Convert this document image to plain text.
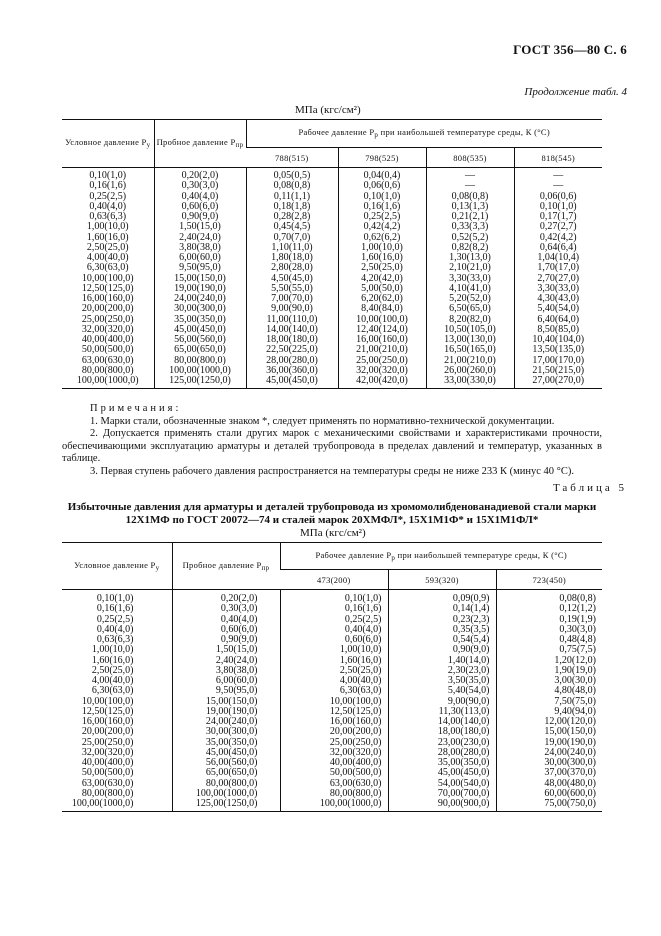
ГОСТ 356—80 С. 6
Продолжение табл. 4
МПа (кгс/см²)
Условное давление $P_у$	Пробное давление $P_{пр}$	Рабочее давление $P_р$ при наибольшей температуре среды, К (°C)			
		788(515)	798(525)	808(535)	818(545)
0,10(1,0)	0,20(2,0)	0,05(0,5)	0,04(0,4)	—	—
0,16(1,6)	0,30(3,0)	0,08(0,8)	0,06(0,6)	—	—
0,25(2,5)	0,40(4,0)	0,11(1,1)	0,10(1,0)	0,08(0,8)	0,06(0,6)
0,40(4,0)	0,60(6,0)	0,18(1,8)	0,16(1,6)	0,13(1,3)	0,10(1,0)
0,63(6,3)	0,90(9,0)	0,28(2,8)	0,25(2,5)	0,21(2,1)	0,17(1,7)
1,00(10,0)	1,50(15,0)	0,45(4,5)	0,42(4,2)	0,33(3,3)	0,27(2,7)
1,60(16,0)	2,40(24,0)	0,70(7,0)	0,62(6,2)	0,52(5,2)	0,42(4,2)
2,50(25,0)	3,80(38,0)	1,10(11,0)	1,00(10,0)	0,82(8,2)	0,64(6,4)
4,00(40,0)	6,00(60,0)	1,80(18,0)	1,60(16,0)	1,30(13,0)	1,04(10,4)
6,30(63,0)	9,50(95,0)	2,80(28,0)	2,50(25,0)	2,10(21,0)	1,70(17,0)
10,00(100,0)	15,00(150,0)	4,50(45,0)	4,20(42,0)	3,30(33,0)	2,70(27,0)
12,50(125,0)	19,00(190,0)	5,50(55,0)	5,00(50,0)	4,10(41,0)	3,30(33,0)
16,00(160,0)	24,00(240,0)	7,00(70,0)	6,20(62,0)	5,20(52,0)	4,30(43,0)
20,00(200,0)	30,00(300,0)	9,00(90,0)	8,40(84,0)	6,50(65,0)	5,40(54,0)
25,00(250,0)	35,00(350,0)	11,00(110,0)	10,00(100,0)	8,20(82,0)	6,40(64,0)
32,00(320,0)	45,00(450,0)	14,00(140,0)	12,40(124,0)	10,50(105,0)	8,50(85,0)
40,00(400,0)	56,00(560,0)	18,00(180,0)	16,00(160,0)	13,00(130,0)	10,40(104,0)
50,00(500,0)	65,00(650,0)	22,50(225,0)	21,00(210,0)	16,50(165,0)	13,50(135,0)
63,00(630,0)	80,00(800,0)	28,00(280,0)	25,00(250,0)	21,00(210,0)	17,00(170,0)
80,00(800,0)	100,00(1000,0)	36,00(360,0)	32,00(320,0)	26,00(260,0)	21,50(215,0)
100,00(1000,0)	125,00(1250,0)	45,00(450,0)	42,00(420,0)	33,00(330,0)	27,00(270,0)
Примечания:
1. Марки стали, обозначенные знаком *, следует применять по нормативно-технической документации.
2. Допускается применять стали других марок с механическими свойствами и характеристиками прочности, обеспечивающими эксплуатацию арматуры и деталей трубопровода в пределах давлений и температур, указанных в таблице.
3. Первая ступень рабочего давления распространяется на температуры среды не ниже 233 К (минус 40 °С).
Таблица 5
Избыточные давления для арматуры и деталей трубопровода из хромомолибденованадиевой стали марки 12Х1МФ по ГОСТ 20072—74 и сталей марок 20ХМФЛ*, 15Х1М1Ф* и 15Х1М1ФЛ*
МПа (кгс/см²)
Условное давление $P_у$	Пробное давление $P_{пр}$	Рабочее давление $P_р$ при наибольшей температуре среды, К (°C)		
		473(200)	593(320)	723(450)
0,10(1,0)	0,20(2,0)	0,10(1,0)	0,09(0,9)	0,08(0,8)
0,16(1,6)	0,30(3,0)	0,16(1,6)	0,14(1,4)	0,12(1,2)
0,25(2,5)	0,40(4,0)	0,25(2,5)	0,23(2,3)	0,19(1,9)
0,40(4,0)	0,60(6,0)	0,40(4,0)	0,35(3,5)	0,30(3,0)
0,63(6,3)	0,90(9,0)	0,60(6,0)	0,54(5,4)	0,48(4,8)
1,00(10,0)	1,50(15,0)	1,00(10,0)	0,90(9,0)	0,75(7,5)
1,60(16,0)	2,40(24,0)	1,60(16,0)	1,40(14,0)	1,20(12,0)
2,50(25,0)	3,80(38,0)	2,50(25,0)	2,30(23,0)	1,90(19,0)
4,00(40,0)	6,00(60,0)	4,00(40,0)	3,50(35,0)	3,00(30,0)
6,30(63,0)	9,50(95,0)	6,30(63,0)	5,40(54,0)	4,80(48,0)
10,00(100,0)	15,00(150,0)	10,00(100,0)	9,00(90,0)	7,50(75,0)
12,50(125,0)	19,00(190,0)	12,50(125,0)	11,30(113,0)	9,40(94,0)
16,00(160,0)	24,00(240,0)	16,00(160,0)	14,00(140,0)	12,00(120,0)
20,00(200,0)	30,00(300,0)	20,00(200,0)	18,00(180,0)	15,00(150,0)
25,00(250,0)	35,00(350,0)	25,00(250,0)	23,00(230,0)	19,00(190,0)
32,00(320,0)	45,00(450,0)	32,00(320,0)	28,00(280,0)	24,00(240,0)
40,00(400,0)	56,00(560,0)	40,00(400,0)	35,00(350,0)	30,00(300,0)
50,00(500,0)	65,00(650,0)	50,00(500,0)	45,00(450,0)	37,00(370,0)
63,00(630,0)	80,00(800,0)	63,00(630,0)	54,00(540,0)	48,00(480,0)
80,00(800,0)	100,00(1000,0)	80,00(800,0)	70,00(700,0)	60,00(600,0)
100,00(1000,0)	125,00(1250,0)	100,00(1000,0)	90,00(900,0)	75,00(750,0)
